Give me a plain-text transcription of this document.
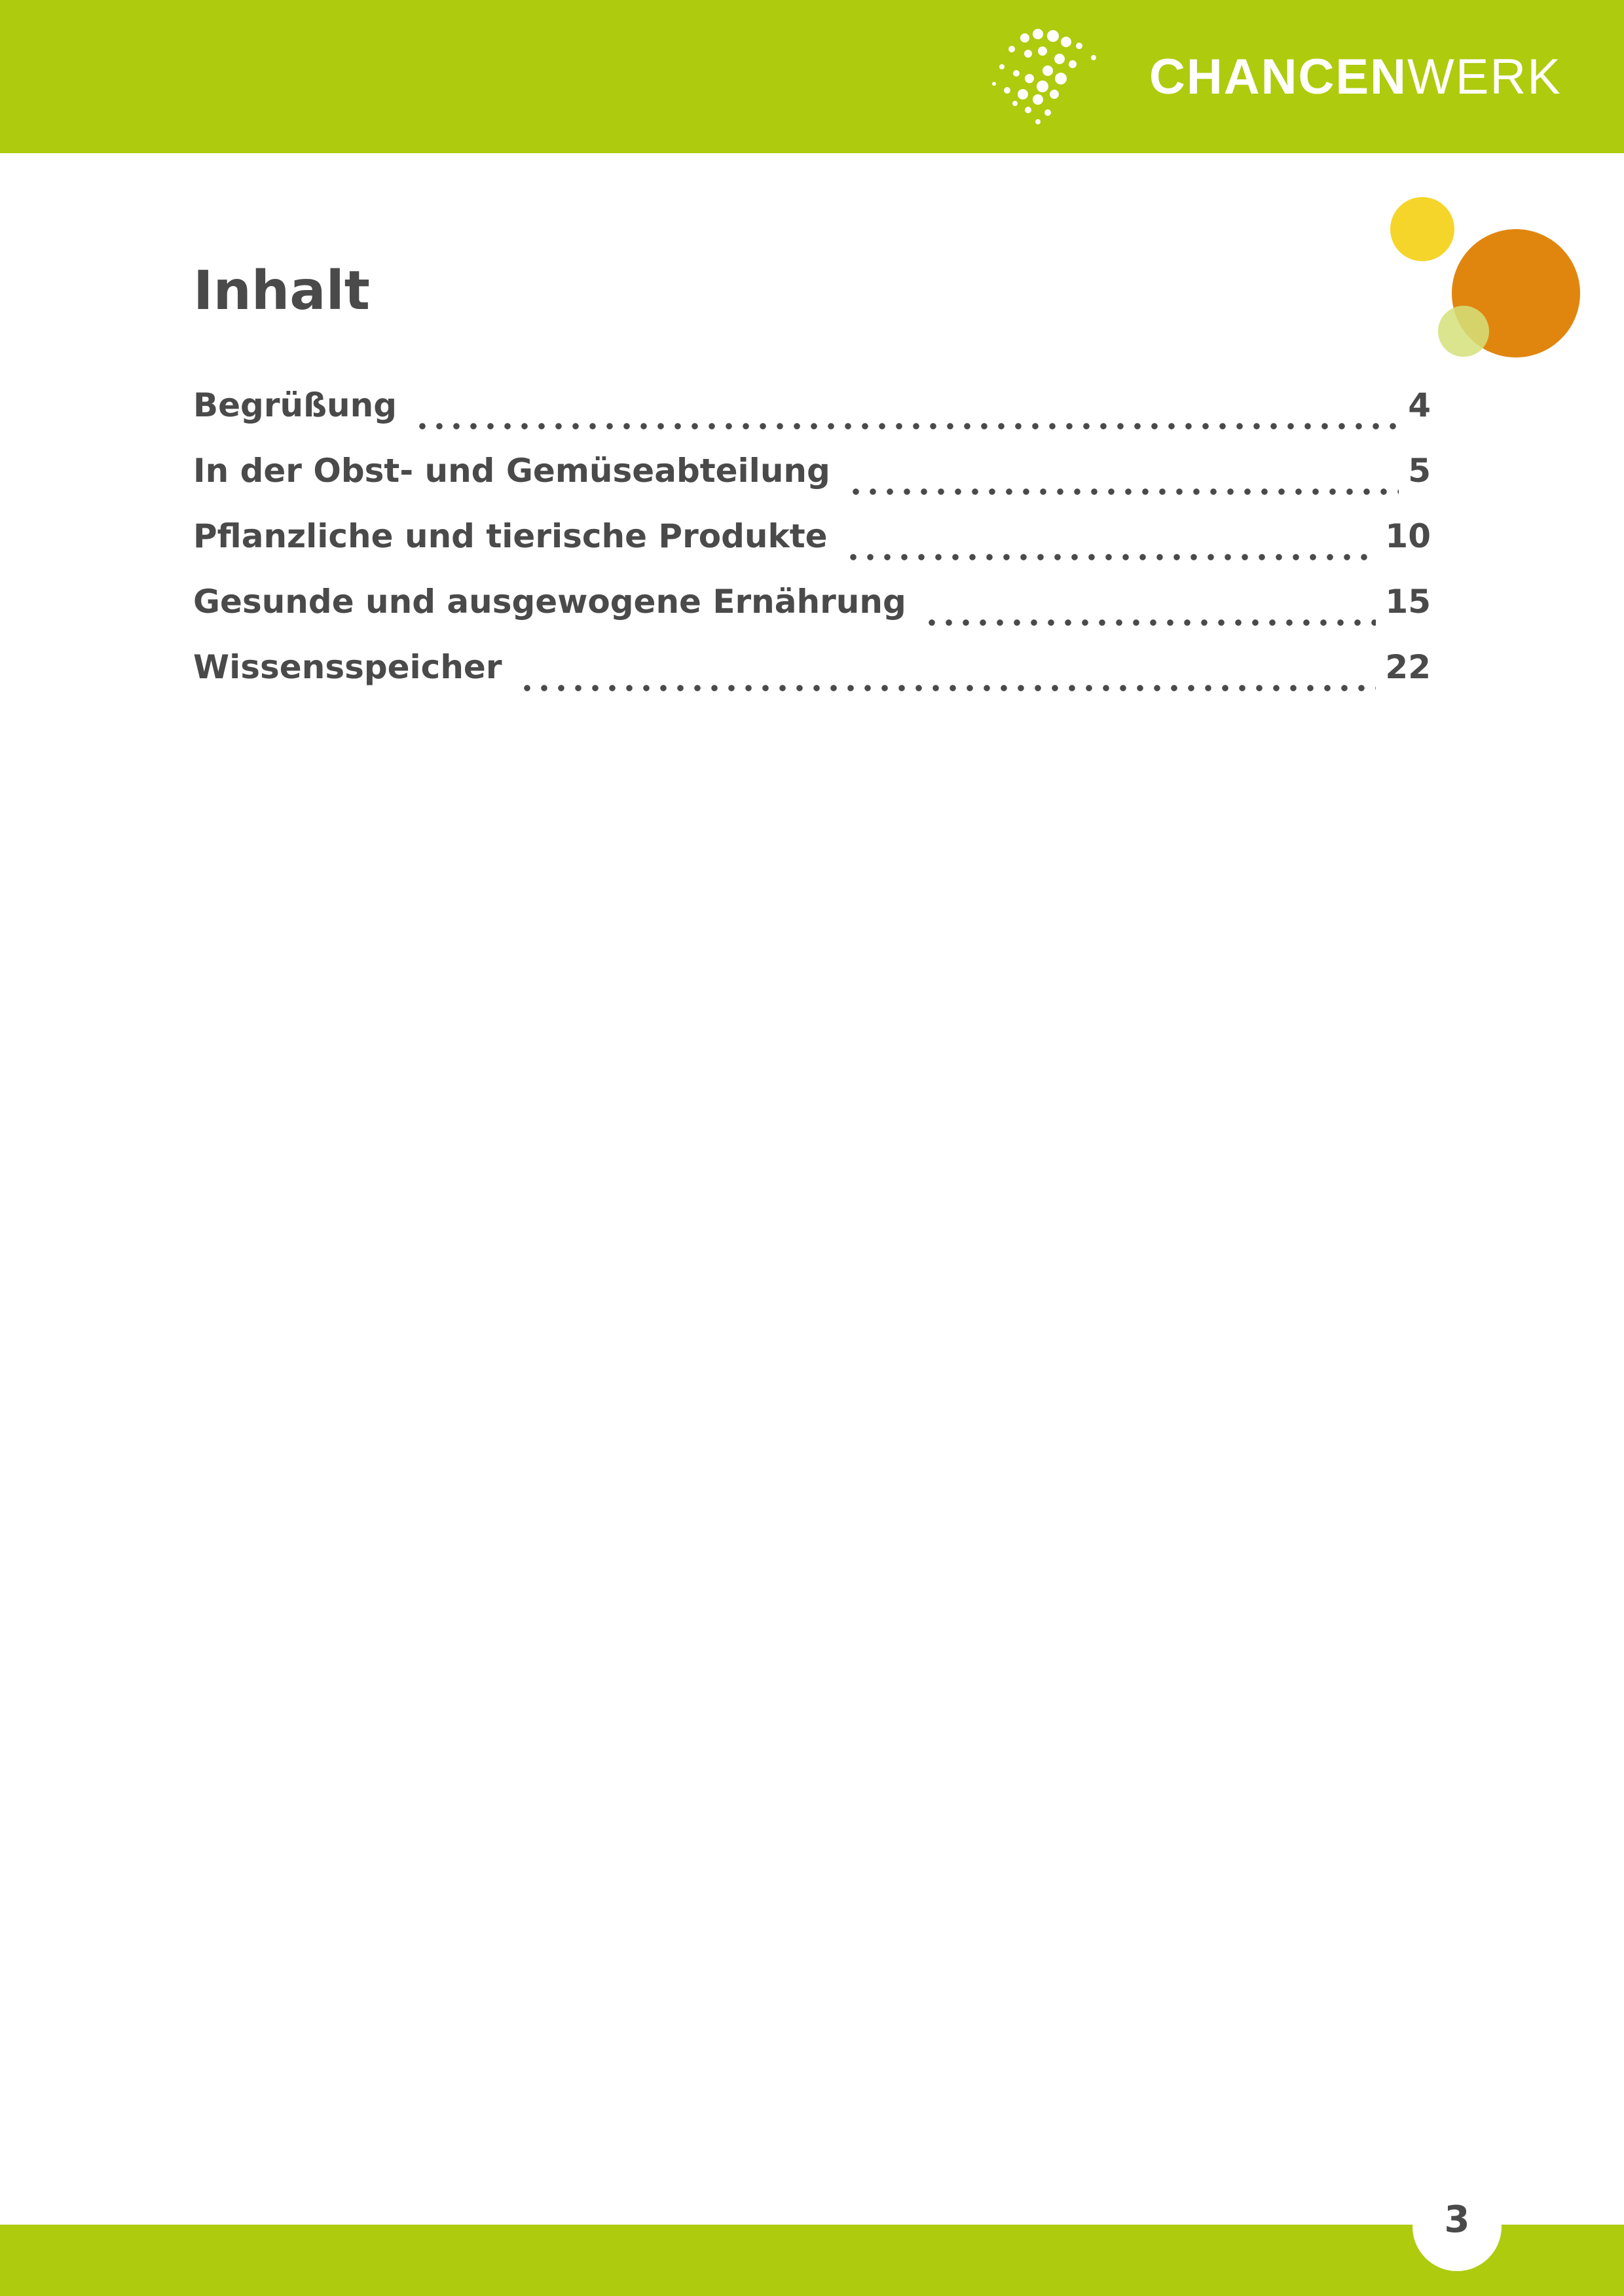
CHANCENWERK
Inhalt
Begrüßung	4
In der Obst- und Gemüseabteilung	5
Pflanzliche und tierische Produkte	10
Gesunde und ausgewogene Ernährung	15
Wissensspeicher	22
3
